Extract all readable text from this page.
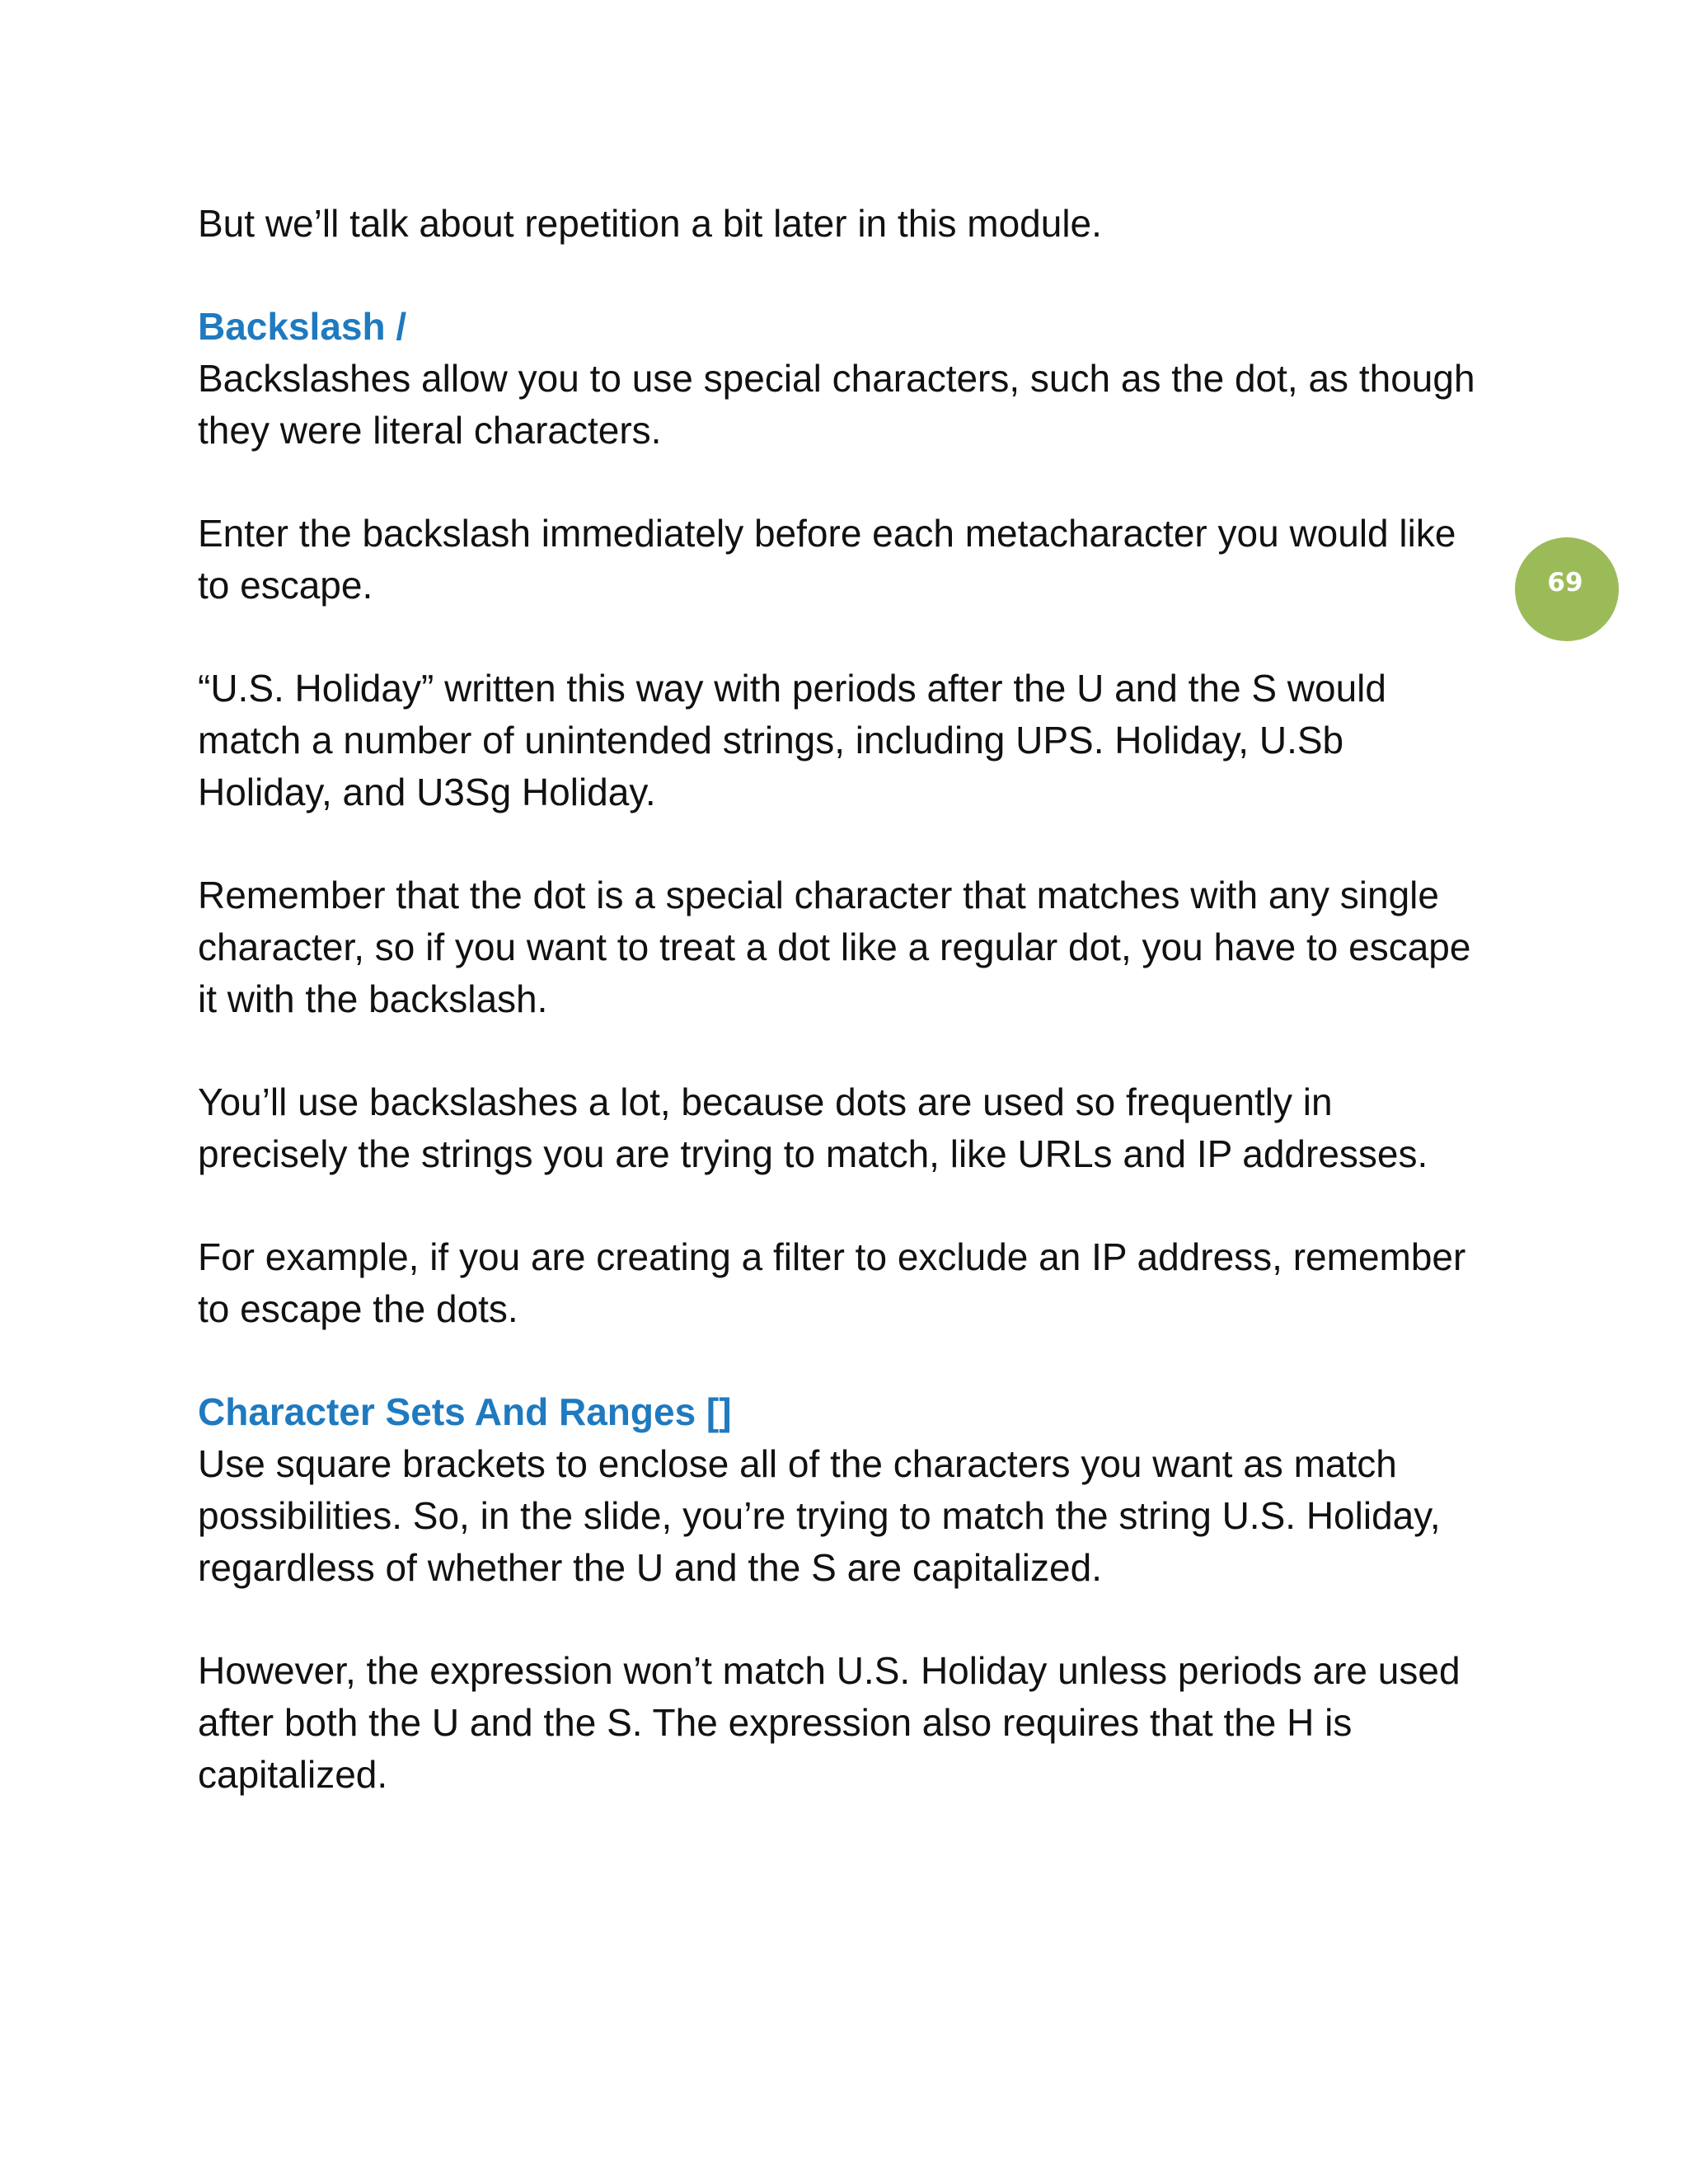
But we’ll talk about repetition a bit later in this module.

Backslash /

Backslashes allow you to use special characters, such as the dot, as though they were literal characters.

Enter the backslash immediately before each metacharacter you would like to escape.

“U.S. Holiday” written this way with periods after the U and the S would match a number of unintended strings, including UPS. Holiday, U.Sb Holiday, and U3Sg Holiday.

Remember that the dot is a special character that matches with any single character, so if you want to treat a dot like a regular dot, you have to escape it with the backslash.

You’ll use backslashes a lot, because dots are used so frequently in precisely the strings you are trying to match, like URLs and IP addresses.

For example, if you are creating a filter to exclude an IP address, remember to escape the dots.

Character Sets And Ranges []

Use square brackets to enclose all of the characters you want as match possibilities. So, in the slide, you’re trying to match the string U.S. Holiday, regardless of whether the U and the S are capitalized.

However, the expression won’t match U.S. Holiday unless periods are used after both the U and the S. The expression also requires that the H is capitalized.

69
